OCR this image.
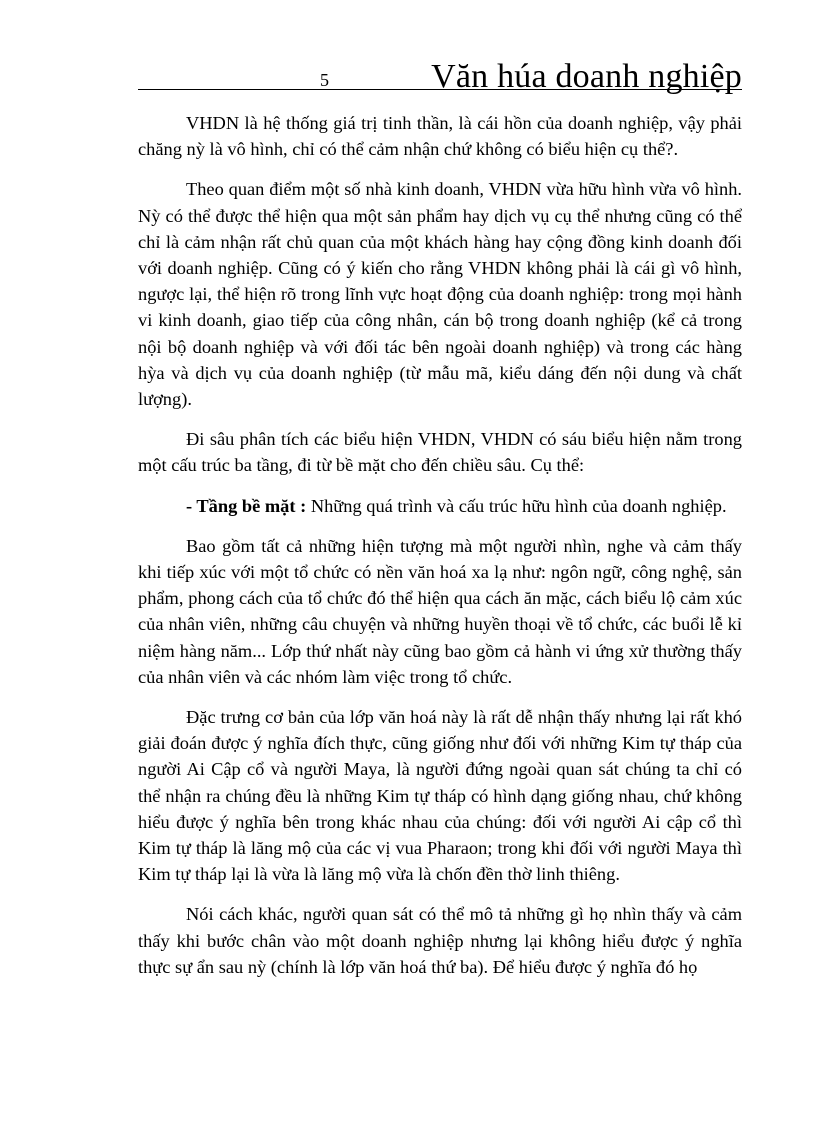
5	Văn húa doanh nghiệp

VHDN là hệ thống giá trị tinh thần, là cái hồn của doanh nghiệp, vậy phải chăng nỳ là vô hình, chỉ có thể cảm nhận chứ không có biểu hiện cụ thể?.

Theo quan điểm một số nhà kinh doanh, VHDN vừa hữu hình vừa vô hình. Nỳ có thể được thể hiện qua một sản phẩm hay dịch vụ cụ thể nhưng cũng có thể chỉ là cảm nhận rất chủ quan của một khách hàng hay cộng đồng kinh doanh đối với doanh nghiệp. Cũng có ý kiến cho rằng VHDN không phải là cái gì vô hình, ngược lại, thể hiện rõ trong lĩnh vực hoạt động của doanh nghiệp: trong mọi hành vi kinh doanh, giao tiếp của công nhân, cán bộ trong doanh nghiệp (kể cả trong nội bộ doanh nghiệp và với đối tác bên ngoài doanh nghiệp) và trong các hàng hỳa và dịch vụ của doanh nghiệp (từ mẫu mã, kiểu dáng đến nội dung và chất lượng).

Đi sâu phân tích các biểu hiện VHDN, VHDN có sáu biểu hiện nằm trong một cấu trúc ba tầng, đi từ bề mặt cho đến chiều sâu. Cụ thể:

- Tầng bề mặt : Những quá trình và cấu trúc hữu hình của doanh nghiệp.

Bao gồm tất cả những hiện tượng mà một người nhìn, nghe và cảm thấy khi tiếp xúc với một tổ chức có nền văn hoá xa lạ như: ngôn ngữ, công nghệ, sản phẩm, phong cách của tổ chức đó thể hiện qua cách ăn mặc, cách biểu lộ cảm xúc của nhân viên, những câu chuyện và những huyền thoại về tổ chức, các buổi lễ kỉ niệm hàng năm... Lớp thứ nhất này cũng bao gồm cả hành vi ứng xử thường thấy của nhân viên và các nhóm làm việc trong tổ chức.

Đặc trưng cơ bản của lớp văn hoá này là rất dễ nhận thấy nhưng lại rất khó giải đoán được ý nghĩa đích thực, cũng giống như đối với những Kim tự tháp của người Ai Cập cổ và người Maya, là người đứng ngoài quan sát chúng ta chỉ có thể nhận ra chúng đều là những Kim tự tháp có hình dạng giống nhau, chứ không hiểu được ý nghĩa bên trong khác nhau của chúng: đối với người Ai cập cổ thì Kim tự tháp là lăng mộ của các vị vua Pharaon; trong khi đối với người Maya thì Kim tự tháp lại là vừa là lăng mộ vừa là chốn đền thờ linh thiêng.

Nói cách khác, người quan sát có thể mô tả những gì họ nhìn thấy và cảm thấy khi bước chân vào một doanh nghiệp nhưng lại không hiểu được ý nghĩa thực sự ẩn sau nỳ (chính là lớp văn hoá thứ ba). Để hiểu được ý nghĩa đó họ
